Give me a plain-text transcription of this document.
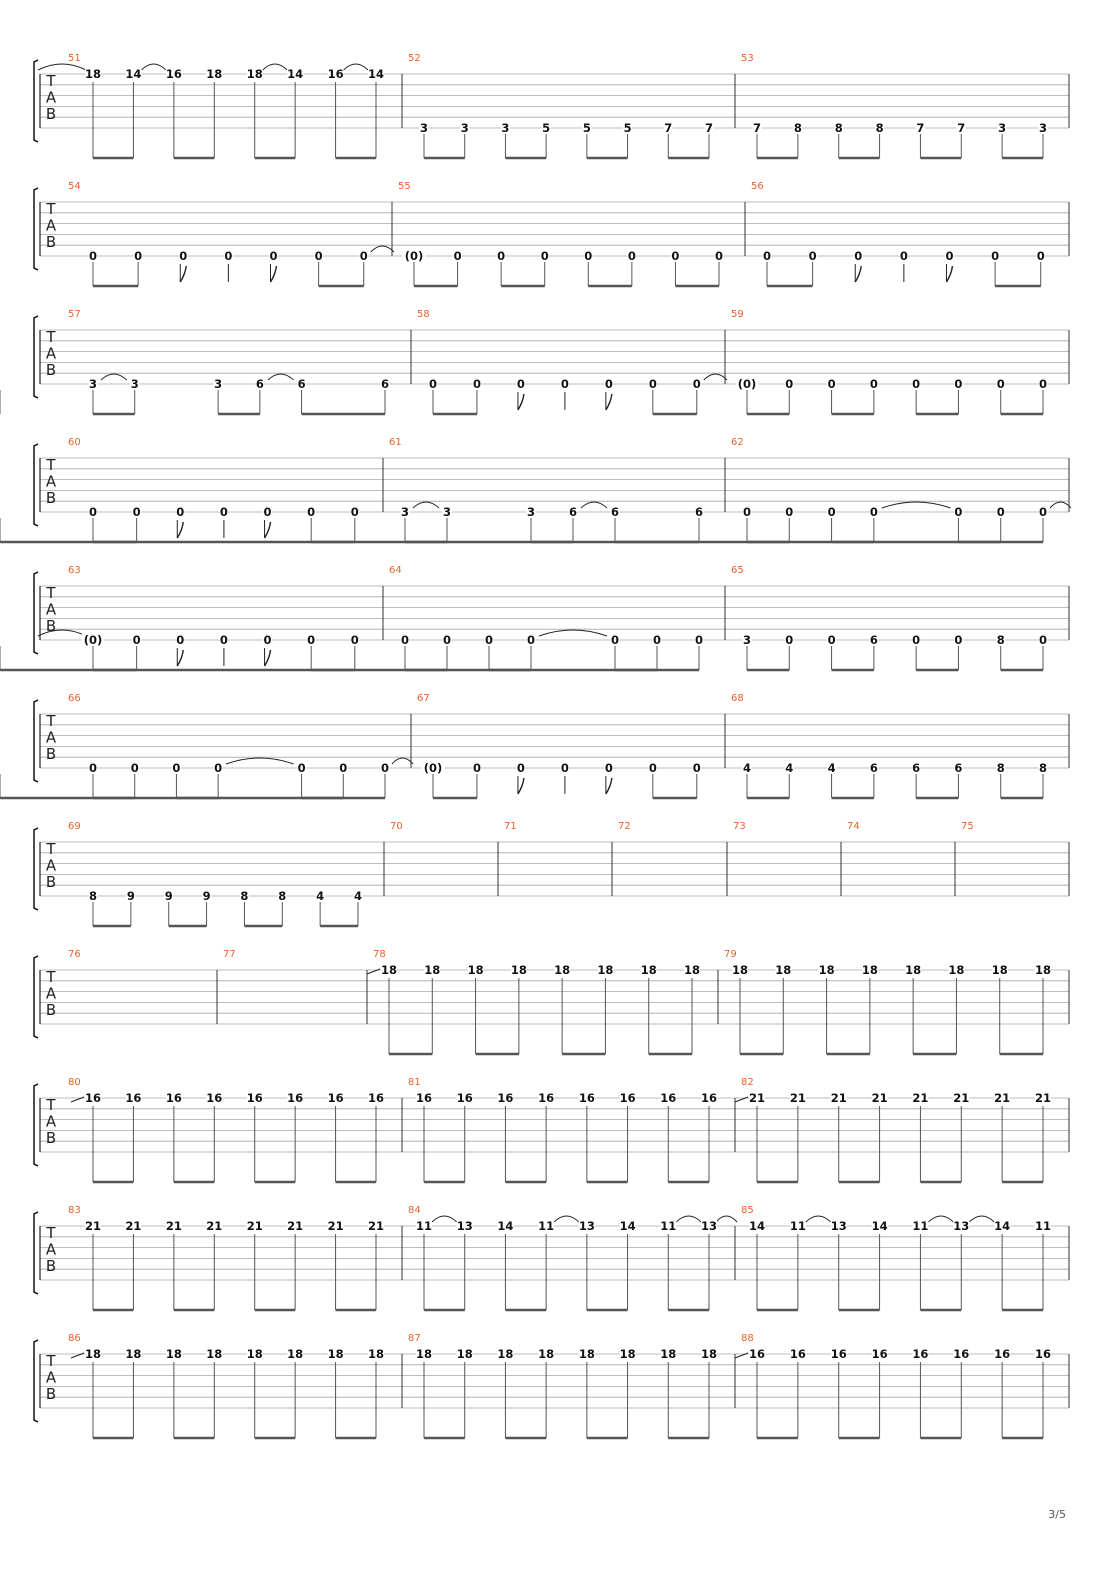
T
A
B
51
18 14 16 18 18 14 16 14
52
3	3	3	5	5	5	7	7
53
7	8	8	8	7	7	3	3
T
A
B
54
0	0	0	0	0	0	0
55
(0)	0	0	0	0	0	0	0
56
0	0	0	0	0	0	0
T
A
B
57
3	3	3	6	6	6
58
0	0	0	0	0	0	0
59
(0)	0	0	0	0	0	0	0
T
A
B
60
0	0	0	0	0	0	0
61
3	3	3	6	6	6
62
0	0	0	0	0	0	0
T
A
B
63
(0)	0	0	0	0	0	0
64
0	0	0	0	0	0	0
65
3	0	0	6	0	0	8	0
T
A
B
66
0	0	0	0	0	0	0
67
(0)	0	0	0	0	0	0
68
4	4	4	6	6	6	8	8
T
A
B
69
8	9	9	9	8	8	4	4
70	71	72	73	74	75
T
A
B
76	77	78
18 18 18 18 18 18 18 18
79
18 18 18 18 18 18 18 18
T
A
B
80
16 16 16 16 16 16 16 16
81
16 16 16 16 16 16 16 16
82
21 21 21 21 21 21 21 21
T
A
B
83
21 21 21 21 21 21 21 21
84
11 13 14 11 13 14 11 13
85
14 11 13 14 11 13 14 11
T
A
B
86
18 18 18 18 18 18 18 18
87
18 18 18 18 18 18 18 18
88
16 16 16 16 16 16 16 16
3/5
